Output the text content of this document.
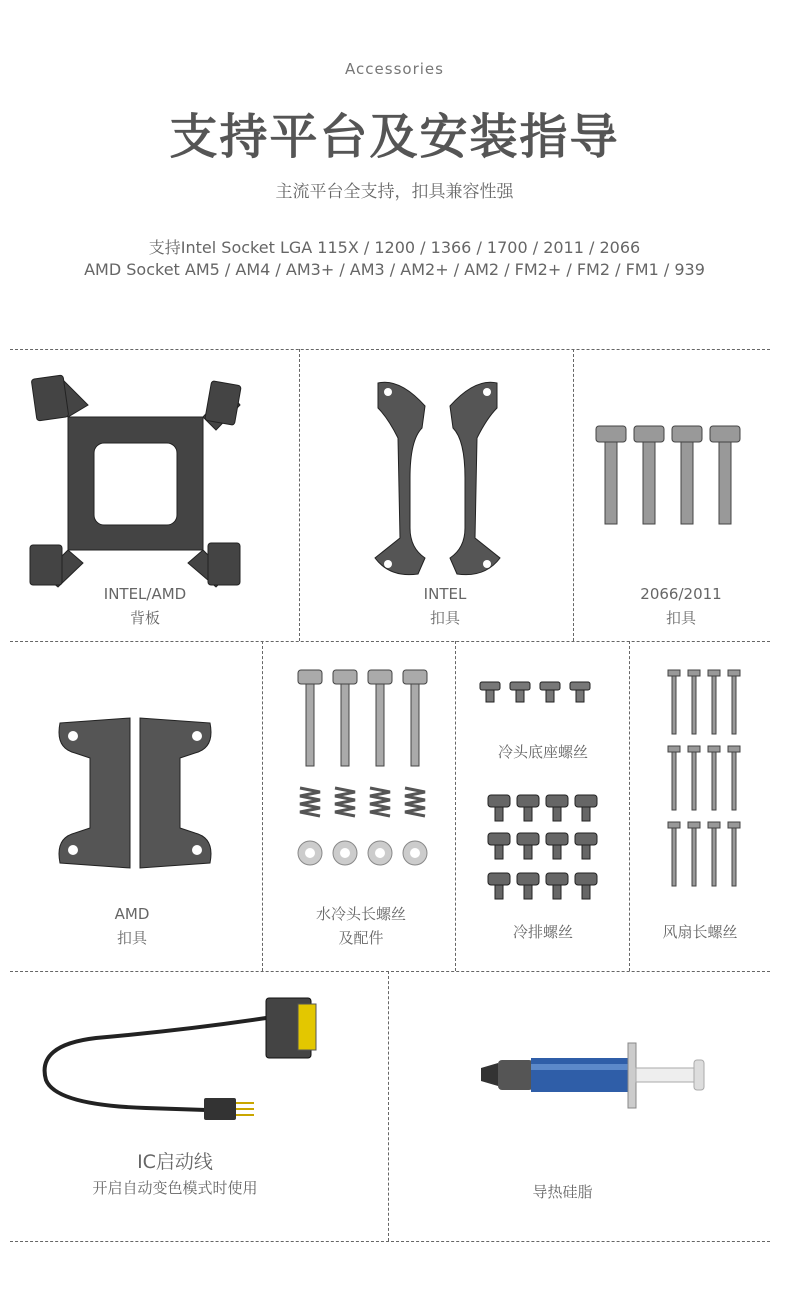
Accessories
支持平台及安装指导
主流平台全支持，扣具兼容性强
支持Intel Socket LGA 115X / 1200 / 1366 / 1700 / 2011 / 2066
AMD Socket AM5 / AM4 / AM3+ / AM3 / AM2+ / AM2 / FM2+ / FM2 / FM1 / 939
INTEL/AMD
背板
INTEL
扣具
2066/2011
扣具
AMD
扣具
水冷头长螺丝
及配件
冷头底座螺丝
冷排螺丝	风扇长螺丝
IC启动线
开启自动变色模式时使用	导热硅脂
